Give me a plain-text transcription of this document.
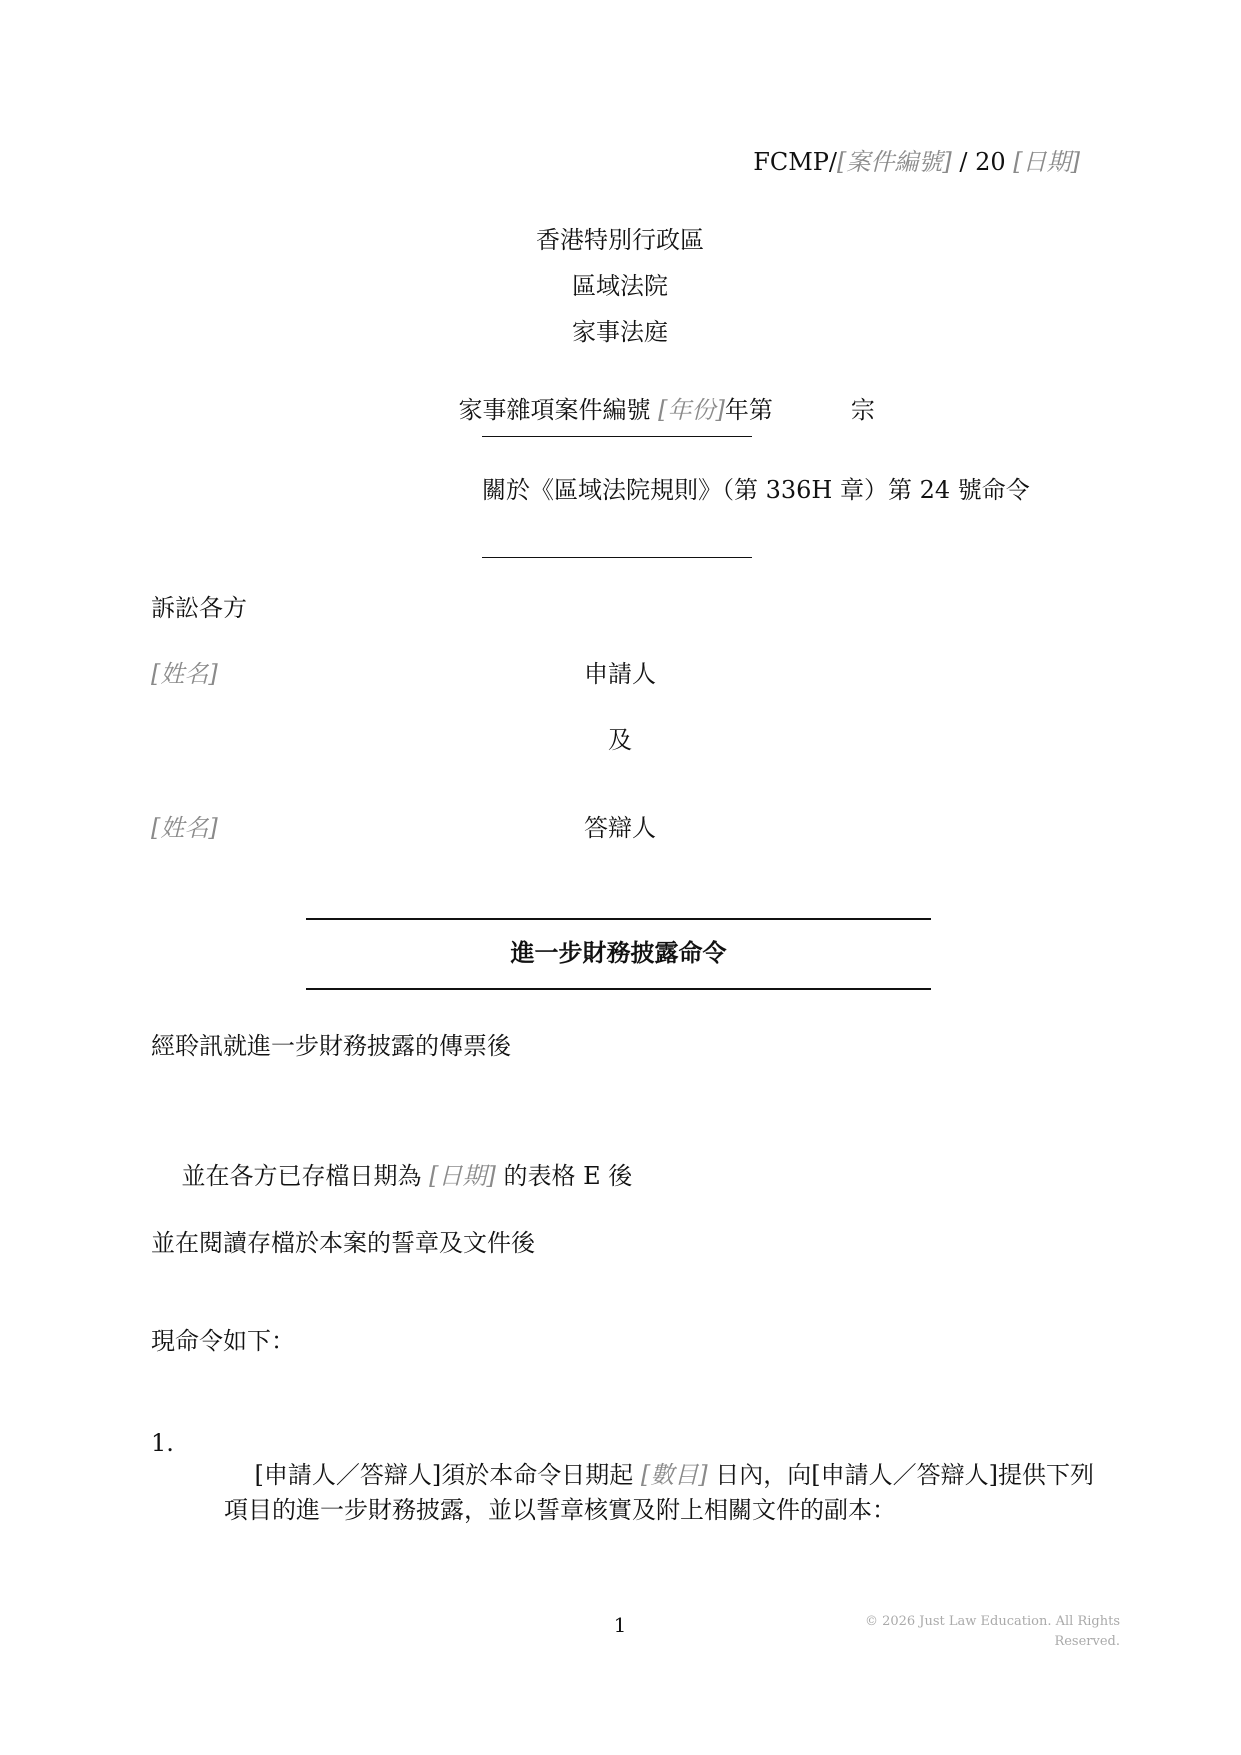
FCMP/[案件編號] / 20 [日期]
香港特別行政區
區域法院
家事法庭

家事雜項案件編號 [年份]年第	宗

關於《區域法院規則》（第 336H 章）第 24 號命令
訴訟各方
[姓名]	申請人
及
[姓名]	答辯人
進一步財務披露命令
經聆訊就進一步財務披露的傳票後

並在各方已存檔日期為 [日期] 的表格 E 後

並在閱讀存檔於本案的誓章及文件後
現命令如下：
1.

[申請人／答辯人]須於本命令日期起 [數目] 日內，向[申請人／答辯人]提供下列

項目的進一步財務披露，並以誓章核實及附上相關文件的副本：
1	© 2026 Just Law Education. All Rights Reserved.
